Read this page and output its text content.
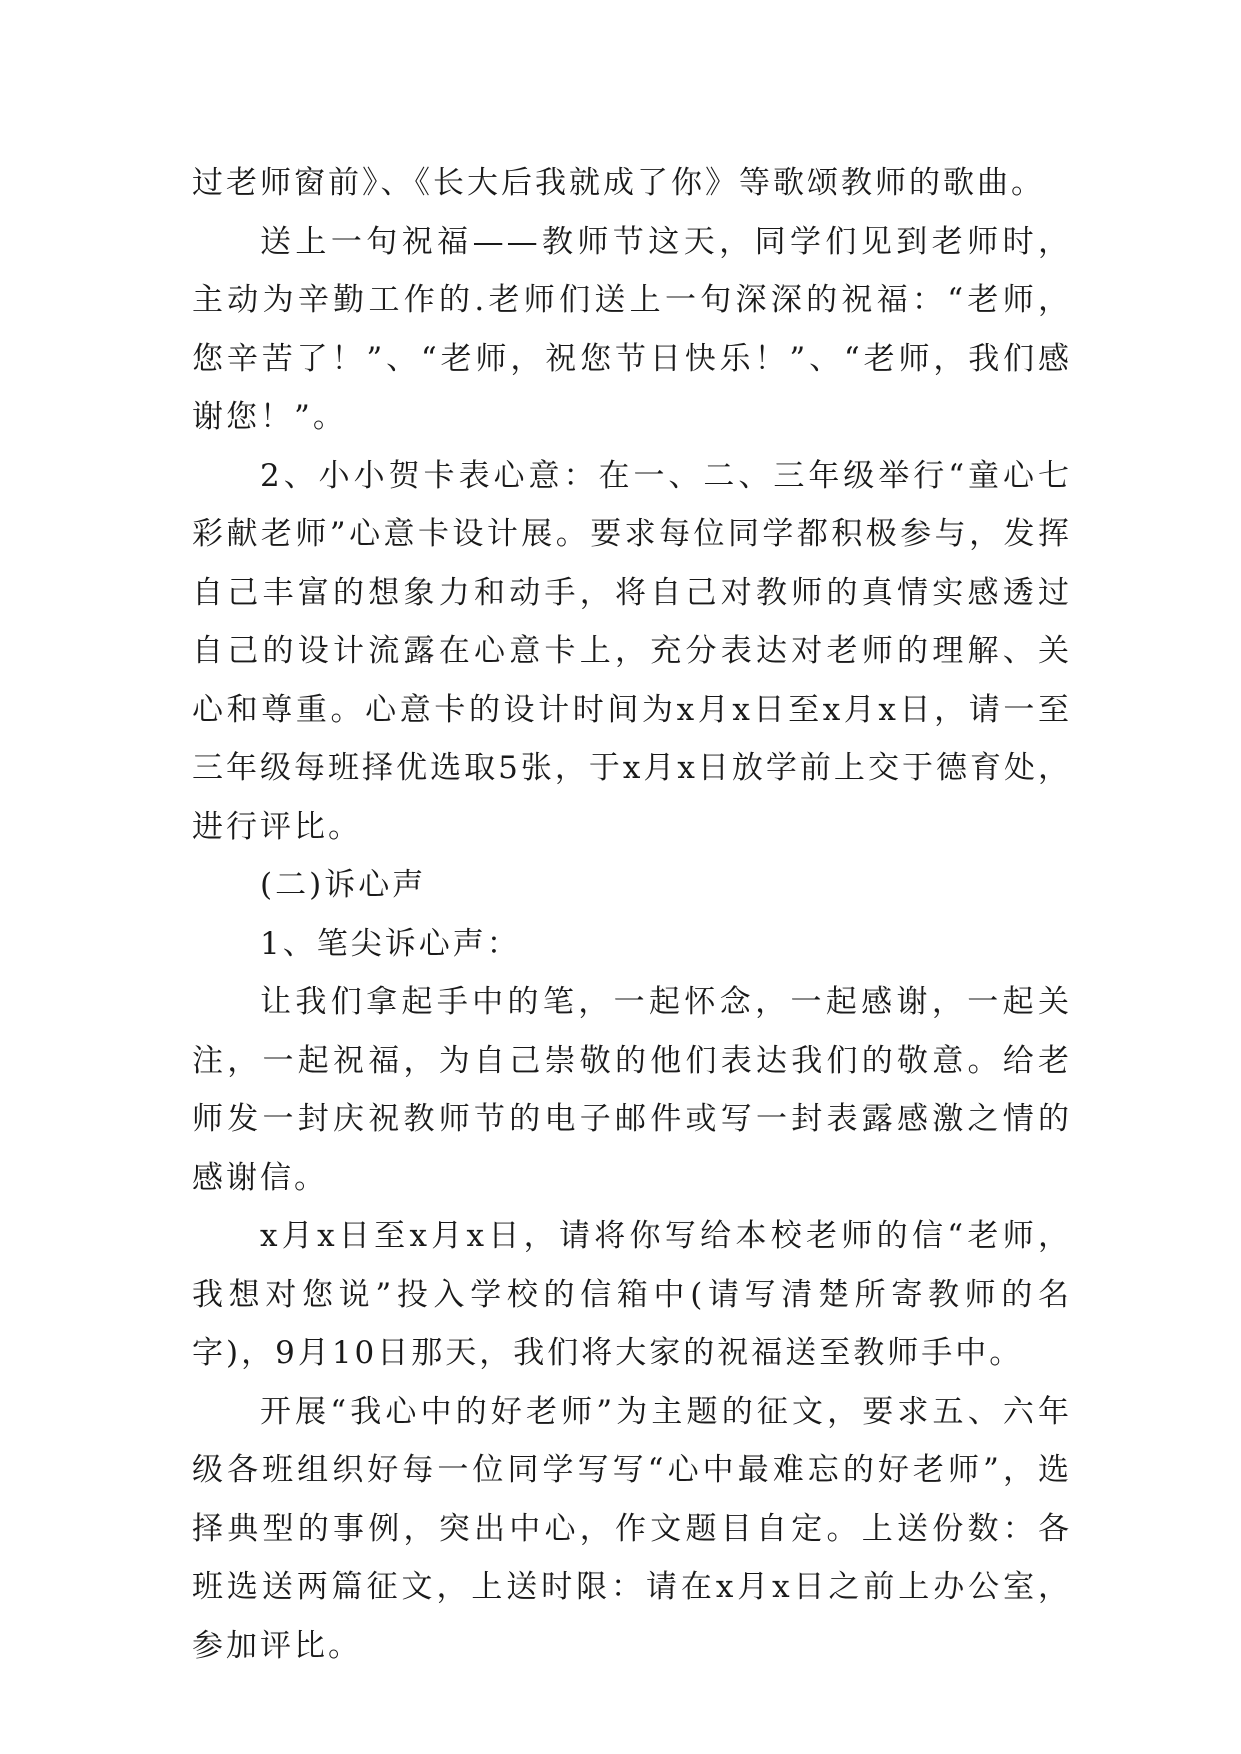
过老师窗前》、《长大后我就成了你》等歌颂教师的歌曲。

送上一句祝福——教师节这天，同学们见到老师时，主动为辛勤工作的.老师们送上一句深深的祝福：“老师，您辛苦了！”、“老师，祝您节日快乐！”、“老师，我们感谢您！”。

2、小小贺卡表心意：在一、二、三年级举行“童心七彩献老师”心意卡设计展。要求每位同学都积极参与，发挥自己丰富的想象力和动手，将自己对教师的真情实感透过自己的设计流露在心意卡上，充分表达对老师的理解、关心和尊重。心意卡的设计时间为x月x日至x月x日，请一至三年级每班择优选取5张，于x月x日放学前上交于德育处，进行评比。

(二)诉心声

1、笔尖诉心声：

让我们拿起手中的笔，一起怀念，一起感谢，一起关注，一起祝福，为自己崇敬的他们表达我们的敬意。给老师发一封庆祝教师节的电子邮件或写一封表露感激之情的感谢信。

x月x日至x月x日，请将你写给本校老师的信“老师，我想对您说”投入学校的信箱中(请写清楚所寄教师的名字)，9月10日那天，我们将大家的祝福送至教师手中。

开展“我心中的好老师”为主题的征文，要求五、六年级各班组织好每一位同学写写“心中最难忘的好老师”，选择典型的事例，突出中心，作文题目自定。上送份数：各班选送两篇征文，上送时限：请在x月x日之前上办公室，参加评比。
